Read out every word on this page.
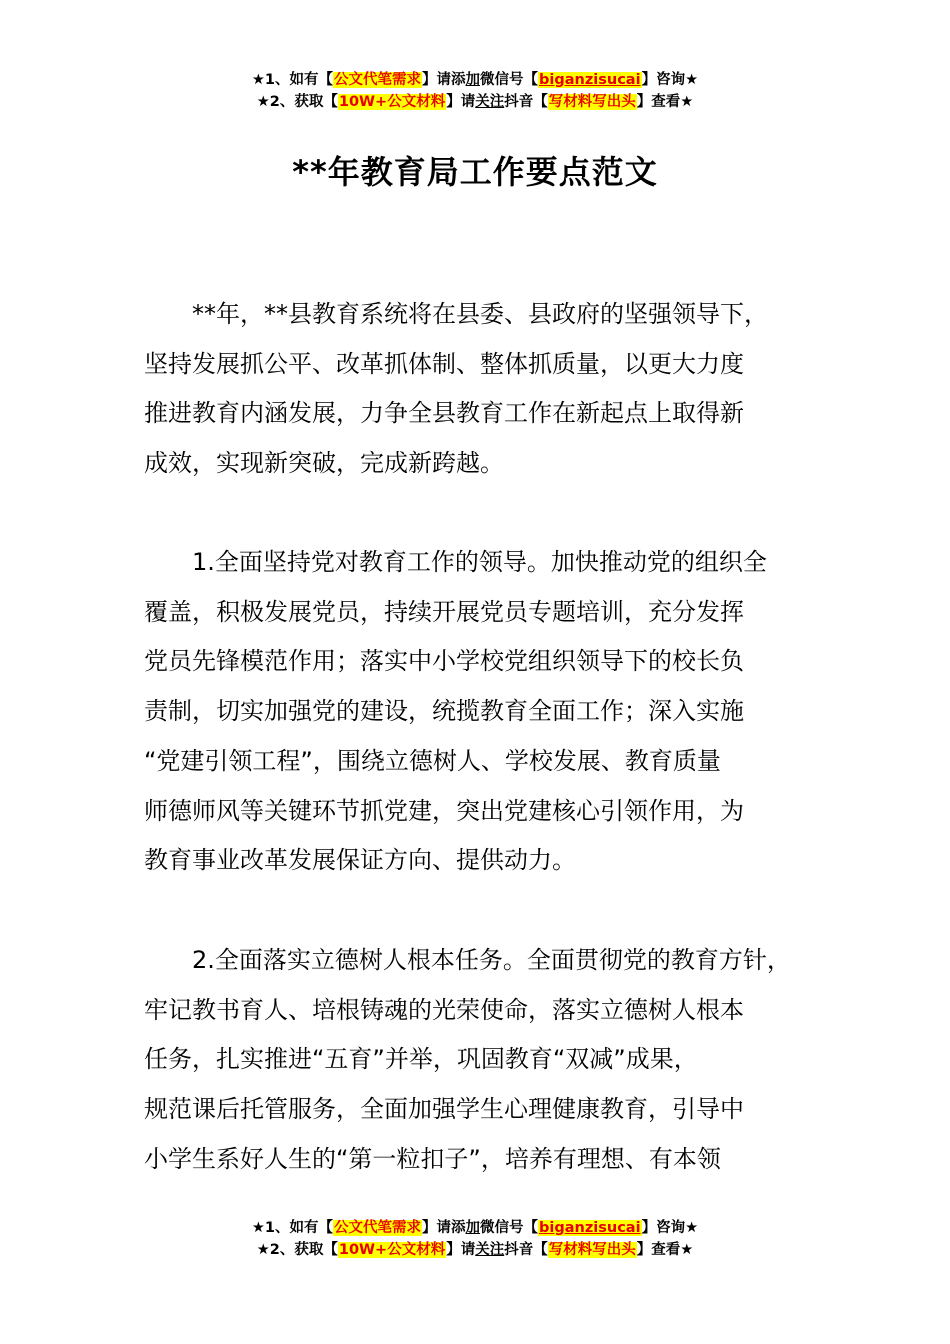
★1、如有【公文代笔需求】请添加微信号【biganzisucai】咨询★
★2、获取【10W+公文材料】请关注抖音【写材料写出头】查看★
**年教育局工作要点范文
　　**年，**县教育系统将在县委、县政府的坚强领导下，
坚持发展抓公平、改革抓体制、整体抓质量，以更大力度
推进教育内涵发展，力争全县教育工作在新起点上取得新
成效，实现新突破，完成新跨越。
　　1.全面坚持党对教育工作的领导。加快推动党的组织全
覆盖，积极发展党员，持续开展党员专题培训，充分发挥
党员先锋模范作用；落实中小学校党组织领导下的校长负
责制，切实加强党的建设，统揽教育全面工作；深入实施
“党建引领工程”，围绕立德树人、学校发展、教育质量
师德师风等关键环节抓党建，突出党建核心引领作用，为
教育事业改革发展保证方向、提供动力。
　　2.全面落实立德树人根本任务。全面贯彻党的教育方针，
牢记教书育人、培根铸魂的光荣使命，落实立德树人根本
任务，扎实推进“五育”并举，巩固教育“双减”成果，
规范课后托管服务，全面加强学生心理健康教育，引导中
小学生系好人生的“第一粒扣子”，培养有理想、有本领
★1、如有【公文代笔需求】请添加微信号【biganzisucai】咨询★
★2、获取【10W+公文材料】请关注抖音【写材料写出头】查看★
